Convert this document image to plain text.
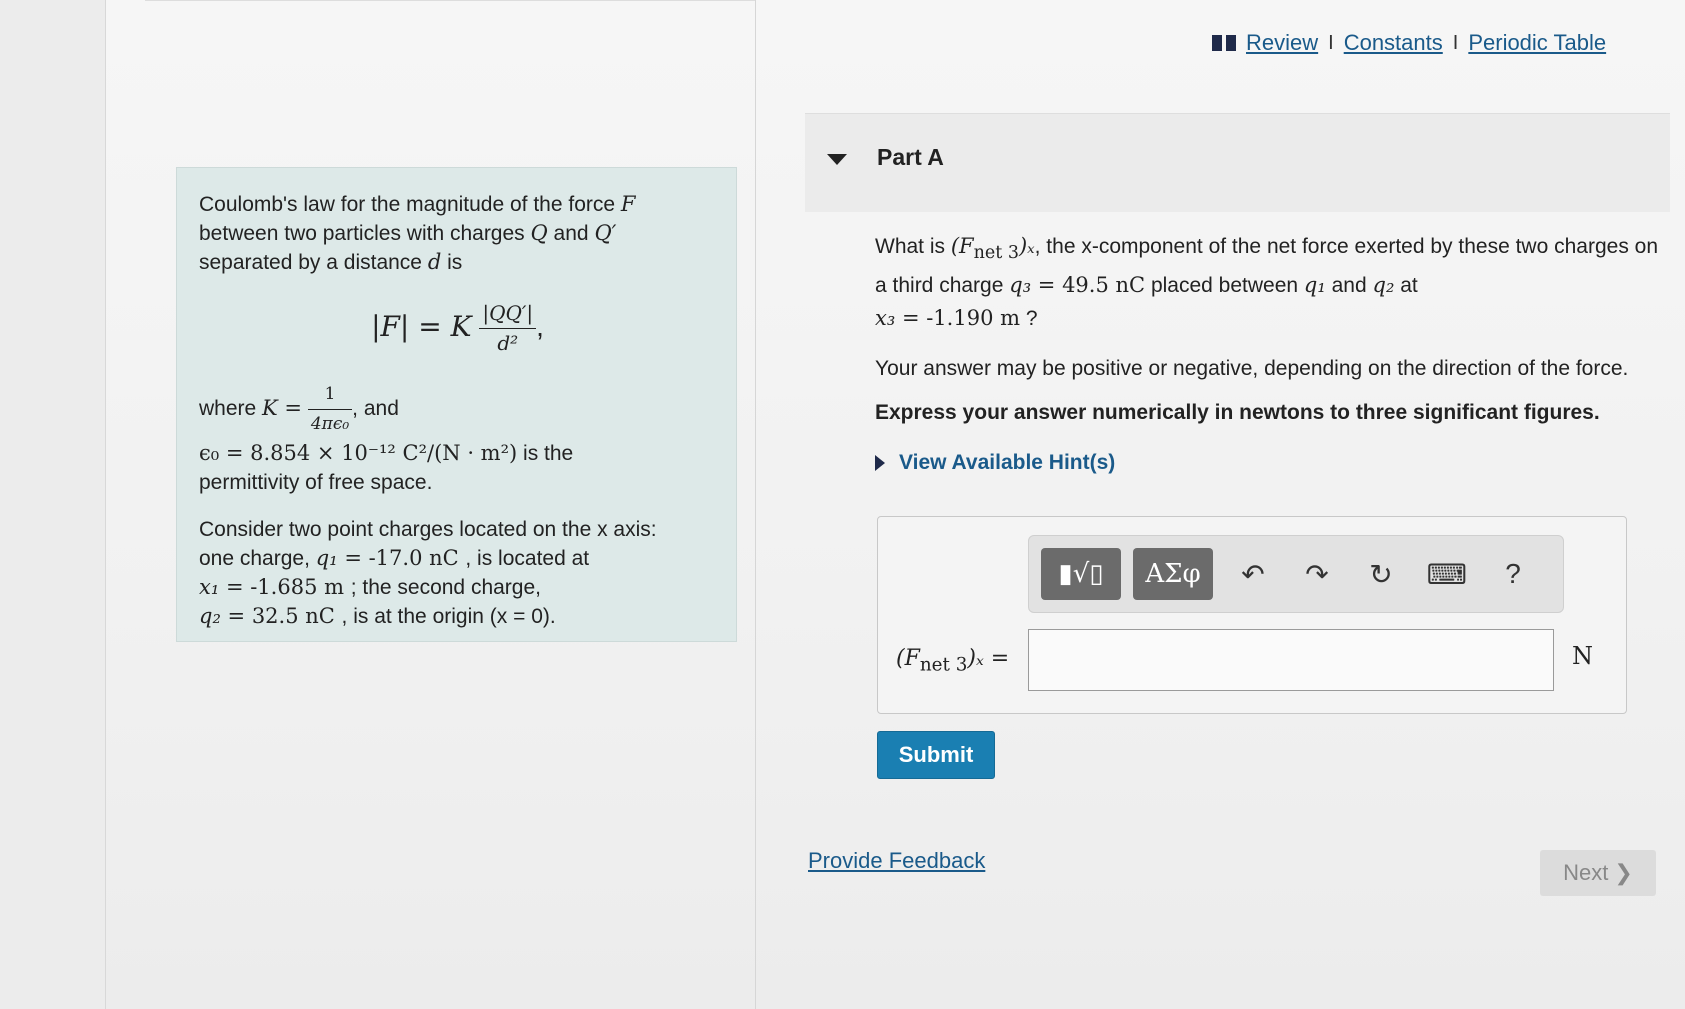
Review I Constants I Periodic Table
Coulomb's law for the magnitude of the force F
between two particles with charges Q and Q′
separated by a distance d is
|F| = K $\frac{|QQ'|}{\text{d²}}$ ,
where $K = \frac{1}{\text{4πϵ₀}}$ , and
ϵ₀ = 8.854 × 10⁻¹² C²/(N · m²) is the
permittivity of free space.
Consider two point charges located on the x axis:
one charge, q₁ = -17.0 nC , is located at
x₁ = -1.685 m ; the second charge,
q₂ = 32.5 nC , is at the origin (x = 0).
Part A
What is $(F_{net 3})_x$, the x-component of the net force exerted by these two charges on a third charge q₃ = 49.5 nC placed between q₁ and q₂ at
x₃ = -1.190 m ?
Your answer may be positive or negative, depending on the direction of the force.
Express your answer numerically in newtons to three significant figures.
View Available Hint(s)
▮√▯	ΑΣφ	↶ ↷ ↻ ⌨	?
$(F_{net 3})_x$ =	N
Submit
Provide Feedback	Next ❯
